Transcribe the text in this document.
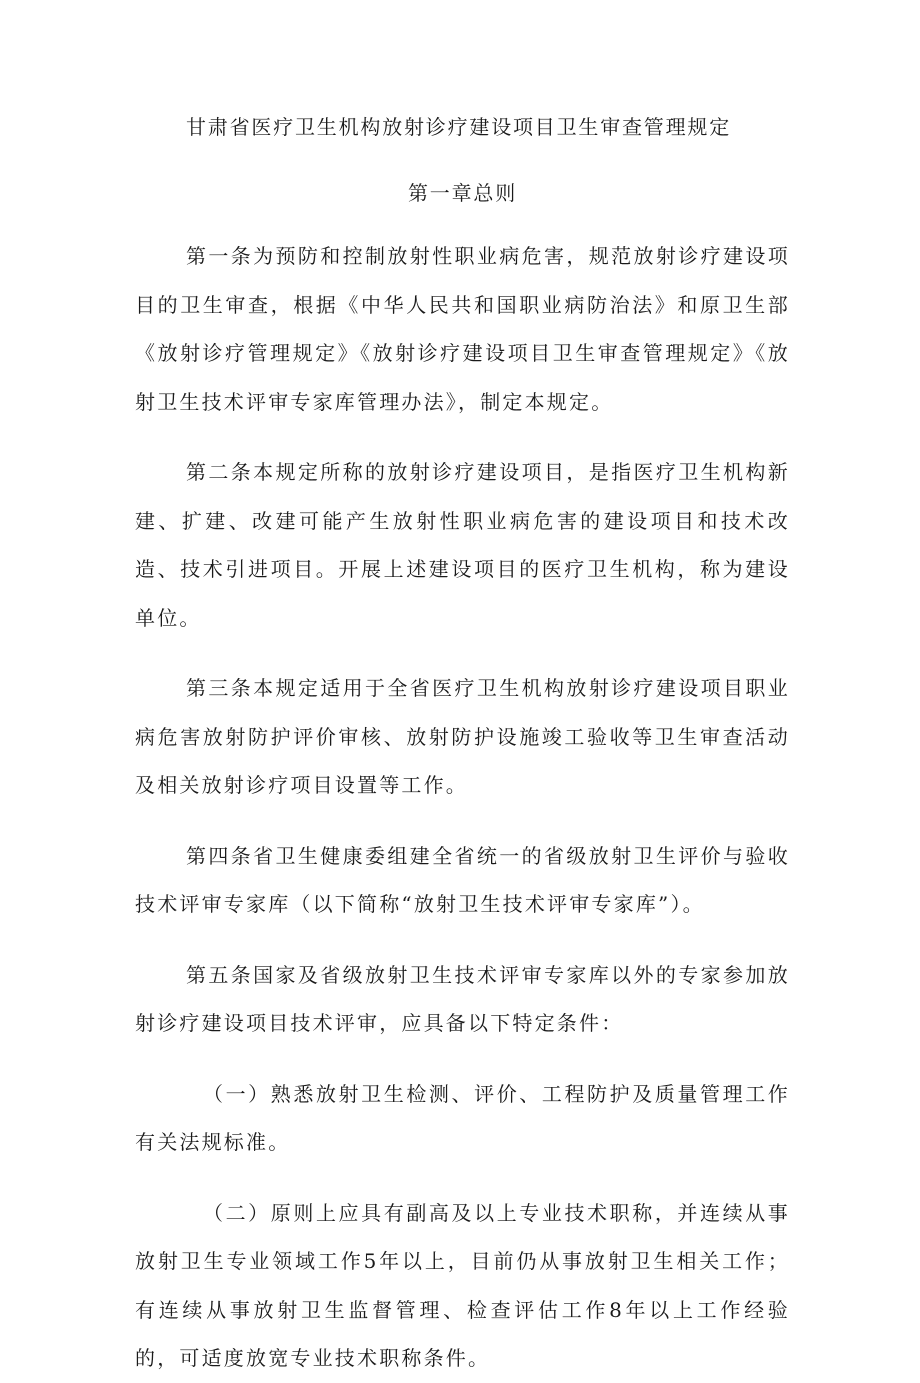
甘肃省医疗卫生机构放射诊疗建设项目卫生审查管理规定
第一章总则

第一条为预防和控制放射性职业病危害，规范放射诊疗建设项目的卫生审查，根据《中华人民共和国职业病防治法》和原卫生部《放射诊疗管理规定》《放射诊疗建设项目卫生审查管理规定》《放射卫生技术评审专家库管理办法》，制定本规定。

第二条本规定所称的放射诊疗建设项目，是指医疗卫生机构新建、扩建、改建可能产生放射性职业病危害的建设项目和技术改造、技术引进项目。开展上述建设项目的医疗卫生机构，称为建设单位。

第三条本规定适用于全省医疗卫生机构放射诊疗建设项目职业病危害放射防护评价审核、放射防护设施竣工验收等卫生审查活动及相关放射诊疗项目设置等工作。

第四条省卫生健康委组建全省统一的省级放射卫生评价与验收技术评审专家库（以下简称“放射卫生技术评审专家库”）。

第五条国家及省级放射卫生技术评审专家库以外的专家参加放射诊疗建设项目技术评审，应具备以下特定条件：

（一）熟悉放射卫生检测、评价、工程防护及质量管理工作有关法规标准。

（二）原则上应具有副高及以上专业技术职称，并连续从事放射卫生专业领域工作5年以上，目前仍从事放射卫生相关工作；有连续从事放射卫生监督管理、检查评估工作8年以上工作经验的，可适度放宽专业技术职称条件。
